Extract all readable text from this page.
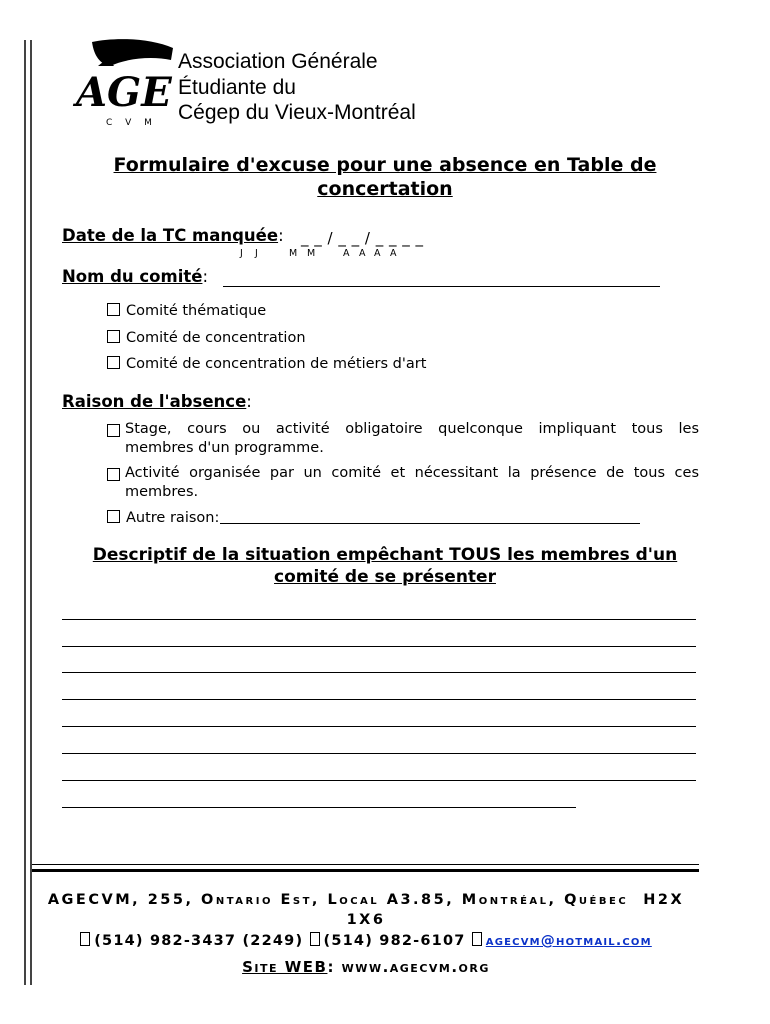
AGE
C V M
Association Générale
Étudiante du
Cégep du Vieux-Montréal
Formulaire d'excuse pour une absence en Table de concertation
Date de la TC manquée: _ _ / _ _ / _ _ _ _
J J	M M	A A A A
Nom du comité:
Comité thématique
Comité de concentration
Comité de concentration de métiers d'art
Raison de l'absence:
Stage, cours ou activité obligatoire quelconque impliquant tous les
membres d'un programme.
Activité organisée par un comité et nécessitant la présence de tous ces
membres.
Autre raison:
Descriptif de la situation empêchant TOUS les membres d'un comité de se présenter
AGECVM, 255, Ontario Est, Local A3.85, Montréal, Québec H2X
1X6
(514) 982-3437 (2249) (514) 982-6107 agecvm@hotmail.com
Site WEB: www.agecvm.org
